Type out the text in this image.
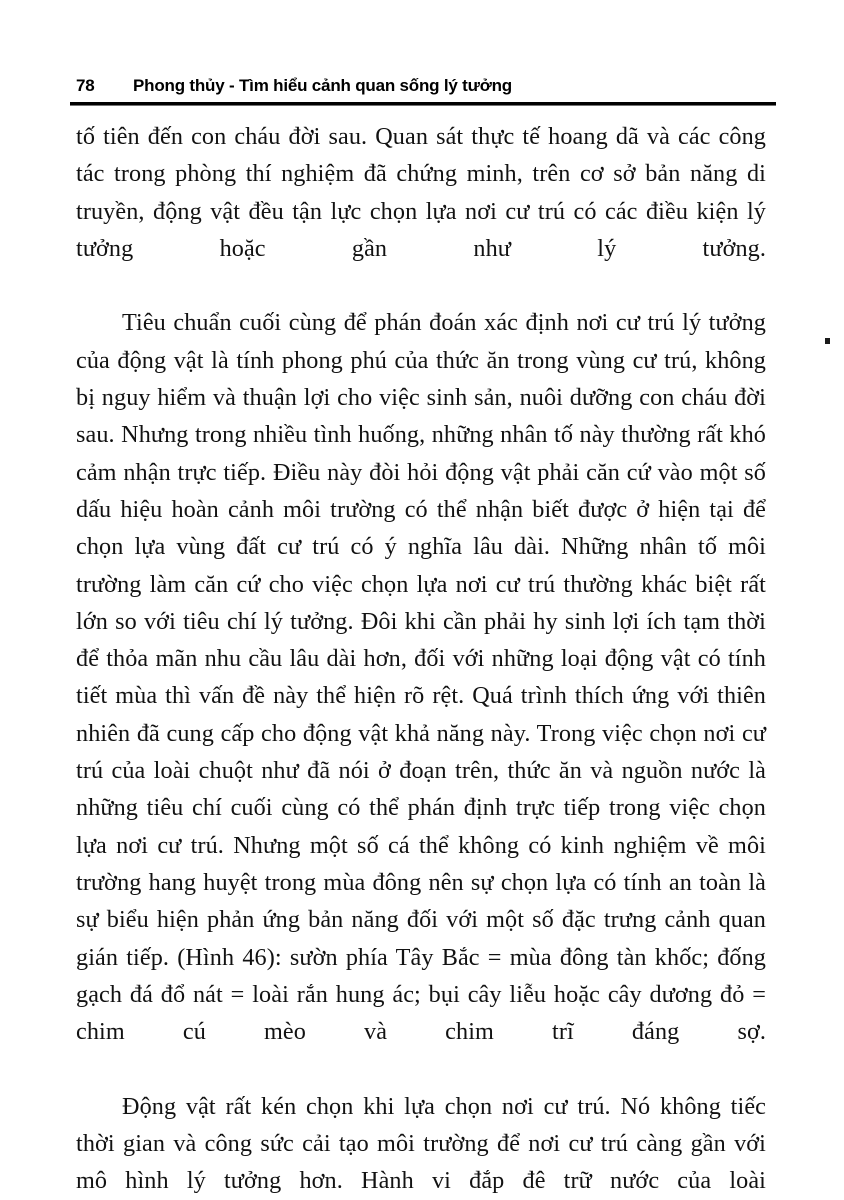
78	Phong thủy - Tìm hiểu cảnh quan sống lý tưởng

tố tiên đến con cháu đời sau. Quan sát thực tế hoang dã và các công tác trong phòng thí nghiệm đã chứng minh, trên cơ sở bản năng di truyền, động vật đều tận lực chọn lựa nơi cư trú có các điều kiện lý tưởng hoặc gần như lý tưởng.

Tiêu chuẩn cuối cùng để phán đoán xác định nơi cư trú lý tưởng của động vật là tính phong phú của thức ăn trong vùng cư trú, không bị nguy hiểm và thuận lợi cho việc sinh sản, nuôi dưỡng con cháu đời sau. Nhưng trong nhiều tình huống, những nhân tố này thường rất khó cảm nhận trực tiếp. Điều này đòi hỏi động vật phải căn cứ vào một số dấu hiệu hoàn cảnh môi trường có thể nhận biết được ở hiện tại để chọn lựa vùng đất cư trú có ý nghĩa lâu dài. Những nhân tố môi trường làm căn cứ cho việc chọn lựa nơi cư trú thường khác biệt rất lớn so với tiêu chí lý tưởng. Đôi khi cần phải hy sinh lợi ích tạm thời để thỏa mãn nhu cầu lâu dài hơn, đối với những loại động vật có tính tiết mùa thì vấn đề này thể hiện rõ rệt. Quá trình thích ứng với thiên nhiên đã cung cấp cho động vật khả năng này. Trong việc chọn nơi cư trú của loài chuột như đã nói ở đoạn trên, thức ăn và nguồn nước là những tiêu chí cuối cùng có thể phán định trực tiếp trong việc chọn lựa nơi cư trú. Nhưng một số cá thể không có kinh nghiệm về môi trường hang huyệt trong mùa đông nên sự chọn lựa có tính an toàn là sự biểu hiện phản ứng bản năng đối với một số đặc trưng cảnh quan gián tiếp. (Hình 46): sườn phía Tây Bắc = mùa đông tàn khốc; đống gạch đá đổ nát = loài rắn hung ác; bụi cây liễu hoặc cây dương đỏ = chim cú mèo và chim trĩ đáng sợ.

Động vật rất kén chọn khi lựa chọn nơi cư trú. Nó không tiếc thời gian và công sức cải tạo môi trường để nơi cư trú càng gần với mô hình lý tưởng hơn. Hành vi đắp đê trữ nước của loài
